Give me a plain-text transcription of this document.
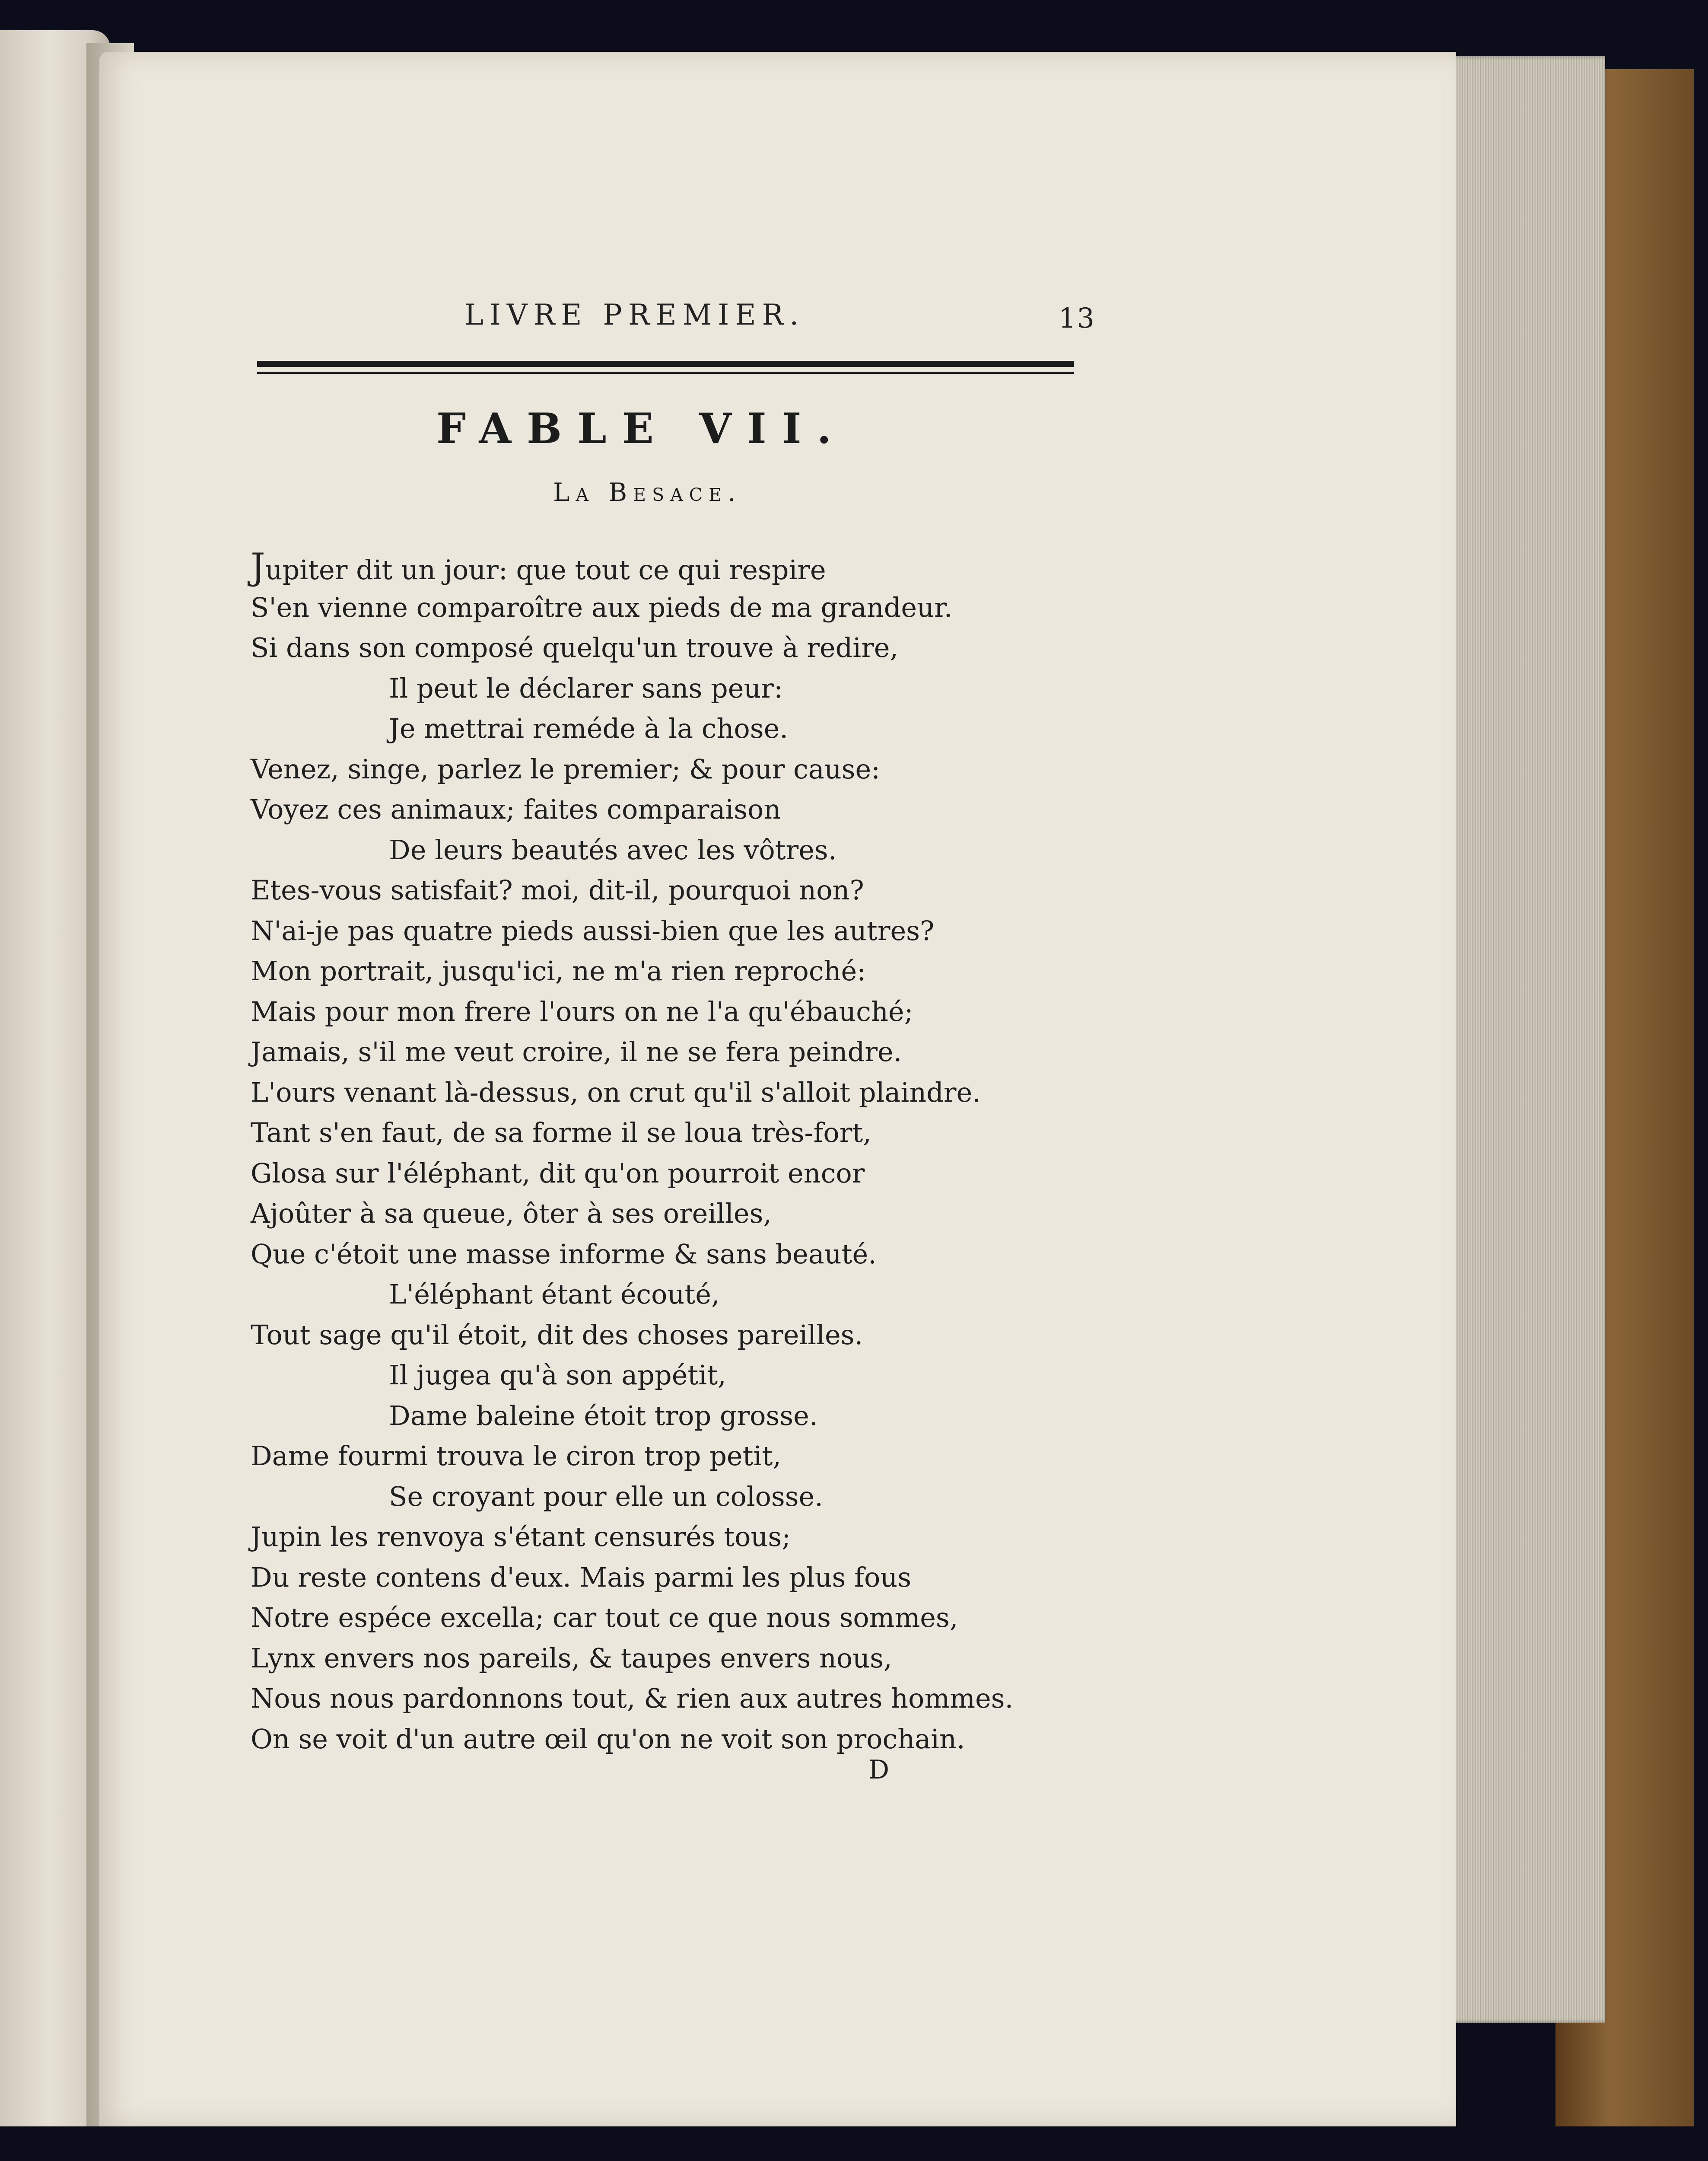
LIVRE PREMIER.	13
FABLE VII.
La Besace.
Jupiter dit un jour: que tout ce qui respire
S'en vienne comparoître aux pieds de ma grandeur.
Si dans son composé quelqu'un trouve à redire,
Il peut le déclarer sans peur:
Je mettrai reméde à la chose.
Venez, singe, parlez le premier; & pour cause:
Voyez ces animaux; faites comparaison
De leurs beautés avec les vôtres.
Etes-vous satisfait? moi, dit-il, pourquoi non?
N'ai-je pas quatre pieds aussi-bien que les autres?
Mon portrait, jusqu'ici, ne m'a rien reproché:
Mais pour mon frere l'ours on ne l'a qu'ébauché;
Jamais, s'il me veut croire, il ne se fera peindre.
L'ours venant là-dessus, on crut qu'il s'alloit plaindre.
Tant s'en faut, de sa forme il se loua très-fort,
Glosa sur l'éléphant, dit qu'on pourroit encor
Ajoûter à sa queue, ôter à ses oreilles,
Que c'étoit une masse informe & sans beauté.
L'éléphant étant écouté,
Tout sage qu'il étoit, dit des choses pareilles.
Il jugea qu'à son appétit,
Dame baleine étoit trop grosse.
Dame fourmi trouva le ciron trop petit,
Se croyant pour elle un colosse.
Jupin les renvoya s'étant censurés tous;
Du reste contens d'eux. Mais parmi les plus fous
Notre espéce excella; car tout ce que nous sommes,
Lynx envers nos pareils, & taupes envers nous,
Nous nous pardonnons tout, & rien aux autres hommes.
On se voit d'un autre œil qu'on ne voit son prochain.
D
